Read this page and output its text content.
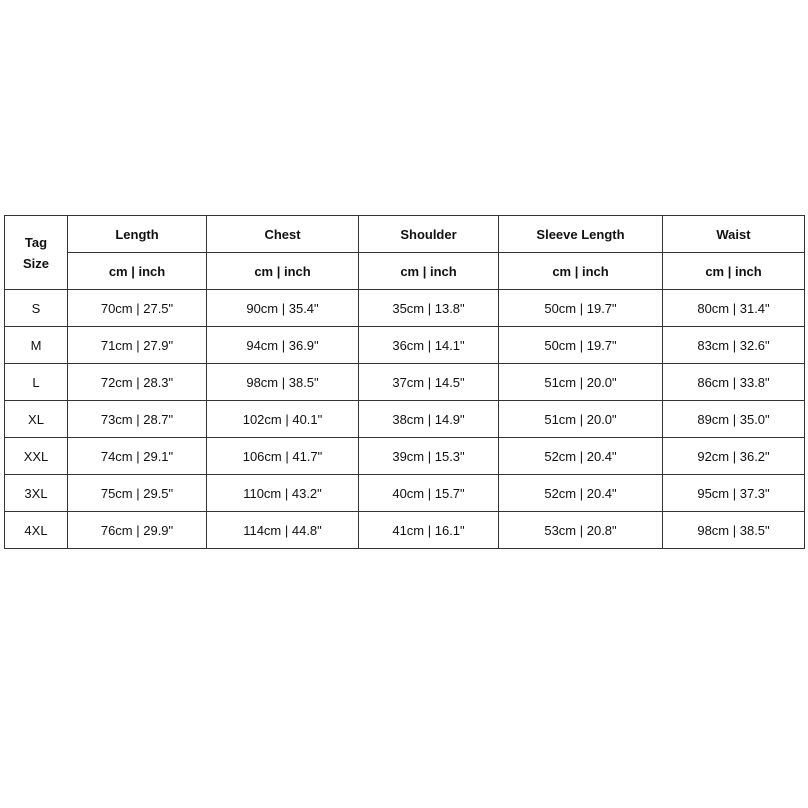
Tag
Size	Length	Chest	Shoulder	Sleeve Length	Waist
	cm | inch	cm | inch	cm | inch	cm | inch	cm | inch
S	70cm | 27.5"	90cm | 35.4"	35cm | 13.8"	50cm | 19.7"	80cm | 31.4"
M	71cm | 27.9"	94cm | 36.9"	36cm | 14.1"	50cm | 19.7"	83cm | 32.6"
L	72cm | 28.3"	98cm | 38.5"	37cm | 14.5"	51cm | 20.0"	86cm | 33.8"
XL	73cm | 28.7"	102cm | 40.1"	38cm | 14.9"	51cm | 20.0"	89cm | 35.0"
XXL	74cm | 29.1"	106cm | 41.7"	39cm | 15.3"	52cm | 20.4"	92cm | 36.2"
3XL	75cm | 29.5"	110cm | 43.2"	40cm | 15.7"	52cm | 20.4"	95cm | 37.3"
4XL	76cm | 29.9"	114cm | 44.8"	41cm | 16.1"	53cm | 20.8"	98cm | 38.5"
